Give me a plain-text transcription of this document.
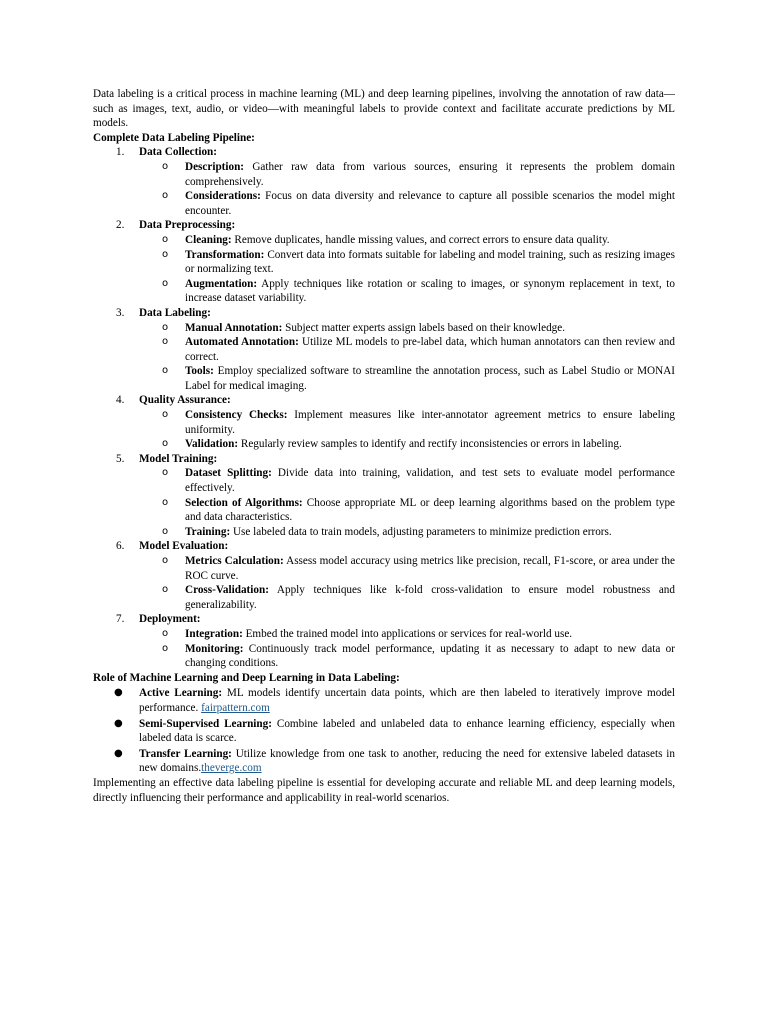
Data labeling is a critical process in machine learning (ML) and deep learning pipelines, involving the annotation of raw data—such as images, text, audio, or video—with meaningful labels to provide context and facilitate accurate predictions by ML models.

Complete Data Labeling Pipeline:

1.	Data Collection:
o Description: Gather raw data from various sources, ensuring it represents the problem domain comprehensively.
o Considerations: Focus on data diversity and relevance to capture all possible scenarios the model might encounter.
2.	Data Preprocessing:
o Cleaning: Remove duplicates, handle missing values, and correct errors to ensure data quality.
o Transformation: Convert data into formats suitable for labeling and model training, such as resizing images or normalizing text.
o Augmentation: Apply techniques like rotation or scaling to images, or synonym replacement in text, to increase dataset variability.
3.	Data Labeling:
o Manual Annotation: Subject matter experts assign labels based on their knowledge.
o Automated Annotation: Utilize ML models to pre-label data, which human annotators can then review and correct.
o Tools: Employ specialized software to streamline the annotation process, such as Label Studio or MONAI Label for medical imaging.
4.	Quality Assurance:
o Consistency Checks: Implement measures like inter-annotator agreement metrics to ensure labeling uniformity.
o Validation: Regularly review samples to identify and rectify inconsistencies or errors in labeling.
5.	Model Training:
o Dataset Splitting: Divide data into training, validation, and test sets to evaluate model performance effectively.
o Selection of Algorithms: Choose appropriate ML or deep learning algorithms based on the problem type and data characteristics.
o Training: Use labeled data to train models, adjusting parameters to minimize prediction errors.
6.	Model Evaluation:
o Metrics Calculation: Assess model accuracy using metrics like precision, recall, F1-score, or area under the ROC curve.
o Cross-Validation: Apply techniques like k-fold cross-validation to ensure model robustness and generalizability.
7.	Deployment:
o Integration: Embed the trained model into applications or services for real-world use.
o Monitoring: Continuously track model performance, updating it as necessary to adapt to new data or changing conditions.

Role of Machine Learning and Deep Learning in Data Labeling:

● Active Learning: ML models identify uncertain data points, which are then labeled to iteratively improve model performance. fairpattern.com
● Semi-Supervised Learning: Combine labeled and unlabeled data to enhance learning efficiency, especially when labeled data is scarce.
● Transfer Learning: Utilize knowledge from one task to another, reducing the need for extensive labeled datasets in new domains.theverge.com

Implementing an effective data labeling pipeline is essential for developing accurate and reliable ML and deep learning models, directly influencing their performance and applicability in real-world scenarios.
